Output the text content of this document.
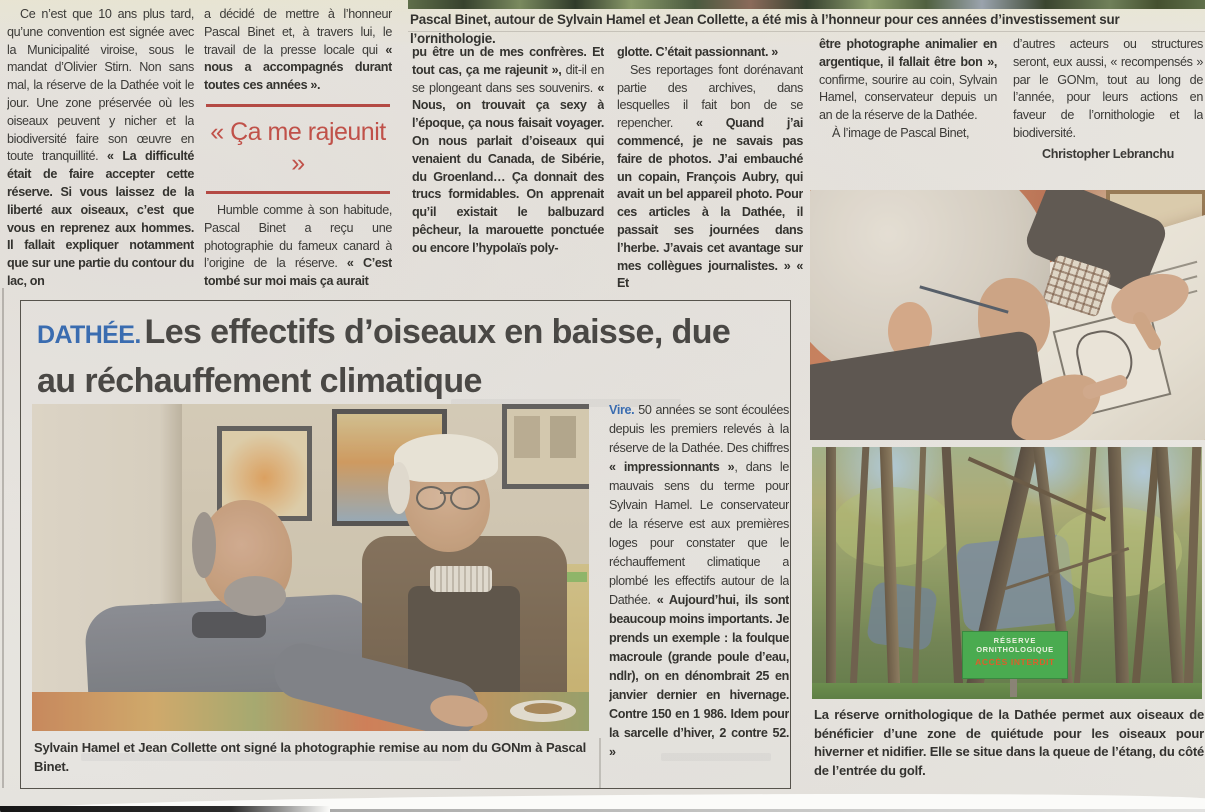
Pascal Binet, autour de Sylvain Hamel et Jean Collette, a été mis à l’honneur pour ces années d’investissement sur l’ornithologie.

Ce n’est que 10 ans plus tard, qu’une convention est signée avec la Municipalité viroise, sous le mandat d’Olivier Stirn. Non sans mal, la réserve de la Dathée voit le jour. Une zone préservée où les oiseaux peuvent y nicher et la biodiversité faire son œuvre en toute tranquillité. « La difficulté était de faire accepter cette réserve. Si vous laissez de la liberté aux oiseaux, c’est que vous en reprenez aux hommes. Il fallait expliquer notamment que sur une partie du contour du lac, on

a décidé de mettre à l’honneur Pascal Binet et, à travers lui, le travail de la presse locale qui « nous a accompagnés durant toutes ces années ».

« Ça me rajeunit »

Humble comme à son habitude, Pascal Binet a reçu une photographie du fameux canard à l’origine de la réserve. « C’est tombé sur moi mais ça aurait

pu être un de mes confrères. Et tout cas, ça me rajeunit », dit-il en se plongeant dans ses souvenirs. « Nous, on trouvait ça sexy à l’époque, ça nous faisait voyager. On nous parlait d’oiseaux qui venaient du Canada, de Sibérie, du Groenland… Ça donnait des trucs formidables. On apprenait qu’il existait le balbuzard pêcheur, la marouette ponctuée ou encore l’hypolaïs poly-

glotte. C’était passionnant. »

Ses reportages font dorénavant partie des archives, dans lesquelles il fait bon de se repencher. « Quand j’ai commencé, je ne savais pas faire de photos. J’ai embauché un copain, François Aubry, qui avait un bel appareil photo. Pour ces articles à la Dathée, il passait ses journées dans l’herbe. J’avais cet avantage sur mes collègues journalistes. » « Et

être photographe animalier en argentique, il fallait être bon », confirme, sourire au coin, Sylvain Hamel, conservateur depuis un an de la réserve de la Dathée.

À l’image de Pascal Binet,

d’autres acteurs ou structures seront, eux aussi, « recompensés » par le GONm, tout au long de l’année, pour leurs actions en faveur de l’ornithologie et la biodiversité.

Christopher Lebranchu

DATHÉE. Les effectifs d’oiseaux en baisse, due au réchauffement climatique
Sylvain Hamel et Jean Collette ont signé la photographie remise au nom du GONm à Pascal Binet.

Vire. 50 années se sont écoulées depuis les premiers relevés à la réserve de la Dathée. Des chiffres « impressionnants », dans le mauvais sens du terme pour Sylvain Hamel. Le conservateur de la réserve est aux premières loges pour constater que le réchauffement climatique a plombé les effectifs autour de la Dathée. « Aujourd’hui, ils sont beaucoup moins importants. Je prends un exemple : la foulque macroule (grande poule d’eau, ndlr), on en dénombrait 25 en janvier dernier en hivernage. Contre 150 en 1 986. Idem pour la sarcelle d’hiver, 2 contre 52. »

RÉSERVE
ORNITHOLOGIQUE
ACCÈS INTERDIT
La réserve ornithologique de la Dathée permet aux oiseaux de bénéficier d’une zone de quiétude pour les oiseaux pour hiverner et nidifier. Elle se situe dans la queue de l’étang, du côté de l’entrée du golf.
